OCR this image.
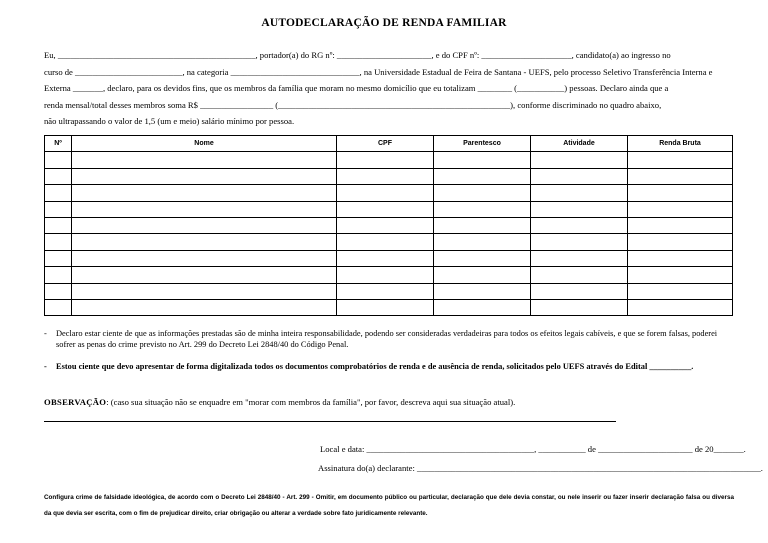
AUTODECLARAÇÃO DE RENDA FAMILIAR
Eu, ______________________________________________, portador(a) do RG nº: ______________________, e do CPF nº: _____________________, candidato(a) ao ingresso no
curso de _________________________, na categoria ______________________________, na Universidade Estadual de Feira de Santana - UEFS, pelo processo Seletivo Transferência Interna e
Externa _______, declaro, para os devidos fins, que os membros da família que moram no mesmo domicílio que eu totalizam ________ (___________) pessoas. Declaro ainda que a
renda mensal/total desses membros soma R$ _________________ (______________________________________________________), conforme discriminado no quadro abaixo,
não ultrapassando o valor de 1,5 (um e meio) salário mínimo por pessoa.
Nº	Nome	CPF	Parentesco	Atividade	Renda Bruta

- Declaro estar ciente de que as informações prestadas são de minha inteira responsabilidade, podendo ser consideradas verdadeiras para todos os efeitos legais cabíveis, e que se forem falsas, poderei sofrer as penas do crime previsto no Art. 299 do Decreto Lei 2848/40 do Código Penal.
- Estou ciente que devo apresentar de forma digitalizada todos os documentos comprobatórios de renda e de ausência de renda, solicitados pelo UEFS através do Edital __________.
OBSERVAÇÃO: (caso sua situação não se enquadre em "morar com membros da família", por favor, descreva aqui sua situação atual).
Local e data: _______________________________________, ___________ de ______________________ de 20_______.
Assinatura do(a) declarante: ________________________________________________________________________________.
Configura crime de falsidade ideológica, de acordo com o Decreto Lei 2848/40 - Art. 299 - Omitir, em documento público ou particular, declaração que dele devia constar, ou nele inserir ou fazer inserir declaração falsa ou diversa da que devia ser escrita, com o fim de prejudicar direito, criar obrigação ou alterar a verdade sobre fato juridicamente relevante.
